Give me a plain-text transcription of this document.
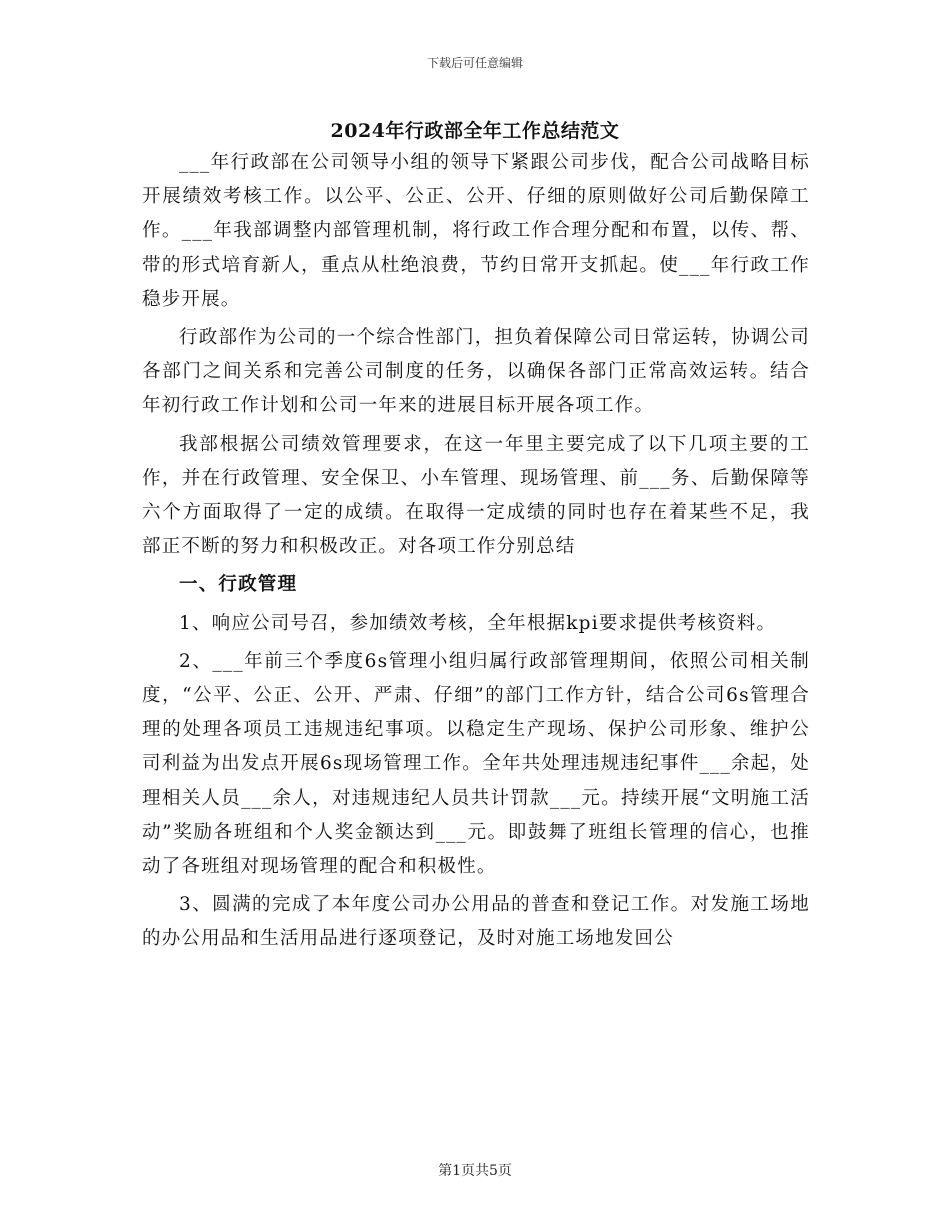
下载后可任意编辑
2024年行政部全年工作总结范文

___年行政部在公司领导小组的领导下紧跟公司步伐，配合公司战略目标开展绩效考核工作。以公平、公正、公开、仔细的原则做好公司后勤保障工作。___年我部调整内部管理机制，将行政工作合理分配和布置，以传、帮、带的形式培育新人，重点从杜绝浪费，节约日常开支抓起。使___年行政工作稳步开展。

行政部作为公司的一个综合性部门，担负着保障公司日常运转，协调公司各部门之间关系和完善公司制度的任务，以确保各部门正常高效运转。结合年初行政工作计划和公司一年来的进展目标开展各项工作。

我部根据公司绩效管理要求，在这一年里主要完成了以下几项主要的工作，并在行政管理、安全保卫、小车管理、现场管理、前___务、后勤保障等六个方面取得了一定的成绩。在取得一定成绩的同时也存在着某些不足，我部正不断的努力和积极改正。对各项工作分别总结

一、行政管理

1、响应公司号召，参加绩效考核，全年根据kpi要求提供考核资料。

2、___年前三个季度6s管理小组归属行政部管理期间，依照公司相关制度，“公平、公正、公开、严肃、仔细”的部门工作方针，结合公司6s管理合理的处理各项员工违规违纪事项。以稳定生产现场、保护公司形象、维护公司利益为出发点开展6s现场管理工作。全年共处理违规违纪事件___余起，处理相关人员___余人，对违规违纪人员共计罚款___元。持续开展“文明施工活动”奖励各班组和个人奖金额达到___元。即鼓舞了班组长管理的信心，也推动了各班组对现场管理的配合和积极性。

3、圆满的完成了本年度公司办公用品的普查和登记工作。对发施工场地的办公用品和生活用品进行逐项登记，及时对施工场地发回公

第1页共5页
